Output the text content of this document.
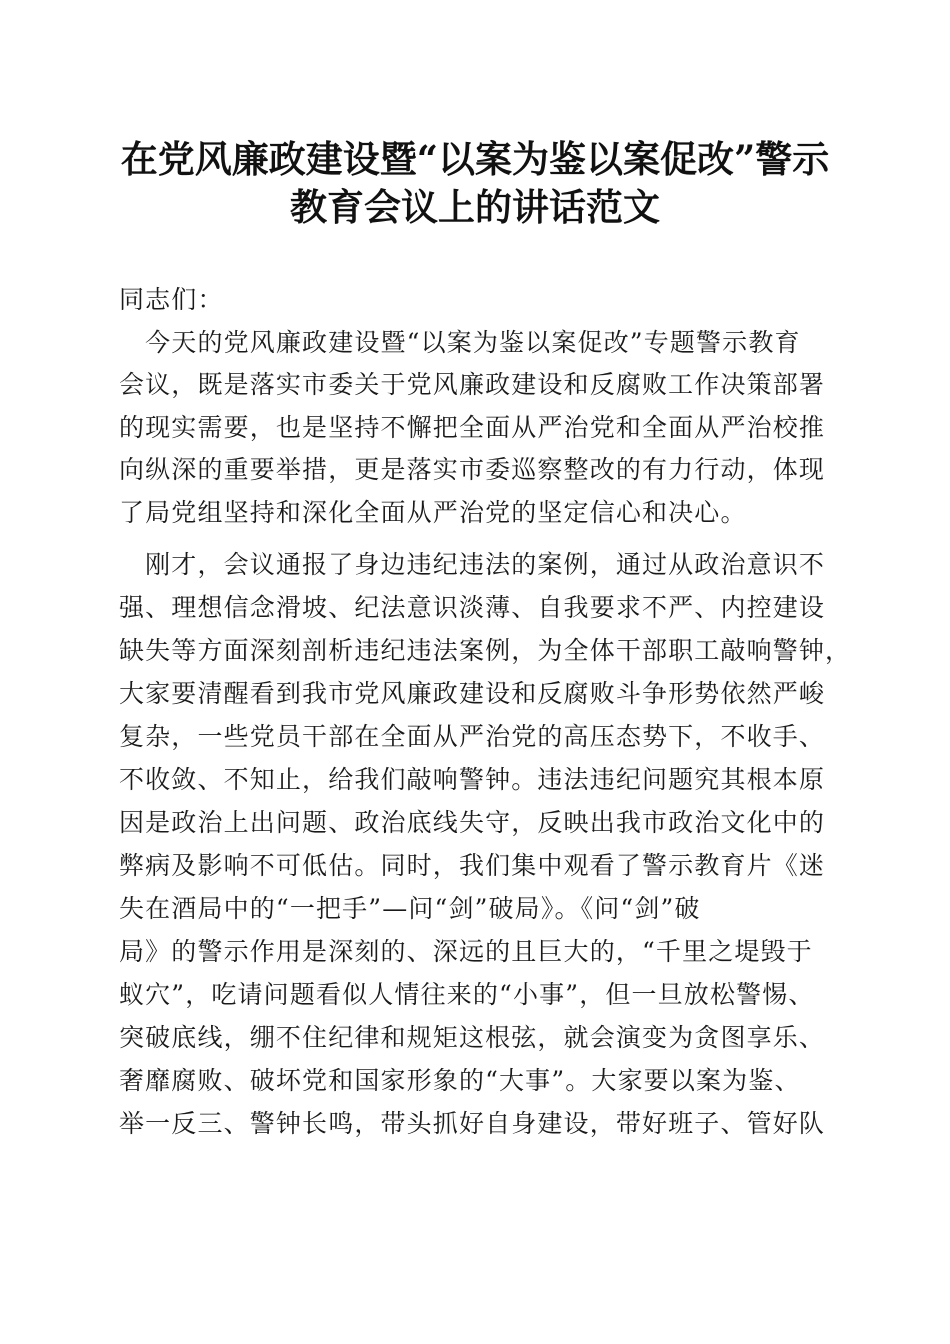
在党风廉政建设暨“以案为鉴以案促改”警示
教育会议上的讲话范文
同志们：
　今天的党风廉政建设暨“以案为鉴以案促改”专题警示教育
会议，既是落实市委关于党风廉政建设和反腐败工作决策部署
的现实需要，也是坚持不懈把全面从严治党和全面从严治校推
向纵深的重要举措，更是落实市委巡察整改的有力行动，体现
了局党组坚持和深化全面从严治党的坚定信心和决心。
　刚才，会议通报了身边违纪违法的案例，通过从政治意识不
强、理想信念滑坡、纪法意识淡薄、自我要求不严、内控建设
缺失等方面深刻剖析违纪违法案例，为全体干部职工敲响警钟，
大家要清醒看到我市党风廉政建设和反腐败斗争形势依然严峻
复杂，一些党员干部在全面从严治党的高压态势下，不收手、
不收敛、不知止，给我们敲响警钟。违法违纪问题究其根本原
因是政治上出问题、政治底线失守，反映出我市政治文化中的
弊病及影响不可低估。同时，我们集中观看了警示教育片《迷
失在酒局中的“一把手”—问“剑”破局》。《问“剑”破
局》的警示作用是深刻的、深远的且巨大的，“千里之堤毁于
蚁穴”，吃请问题看似人情往来的“小事”，但一旦放松警惕、
突破底线，绷不住纪律和规矩这根弦，就会演变为贪图享乐、
奢靡腐败、破坏党和国家形象的“大事”。大家要以案为鉴、
举一反三、警钟长鸣，带头抓好自身建设，带好班子、管好队
